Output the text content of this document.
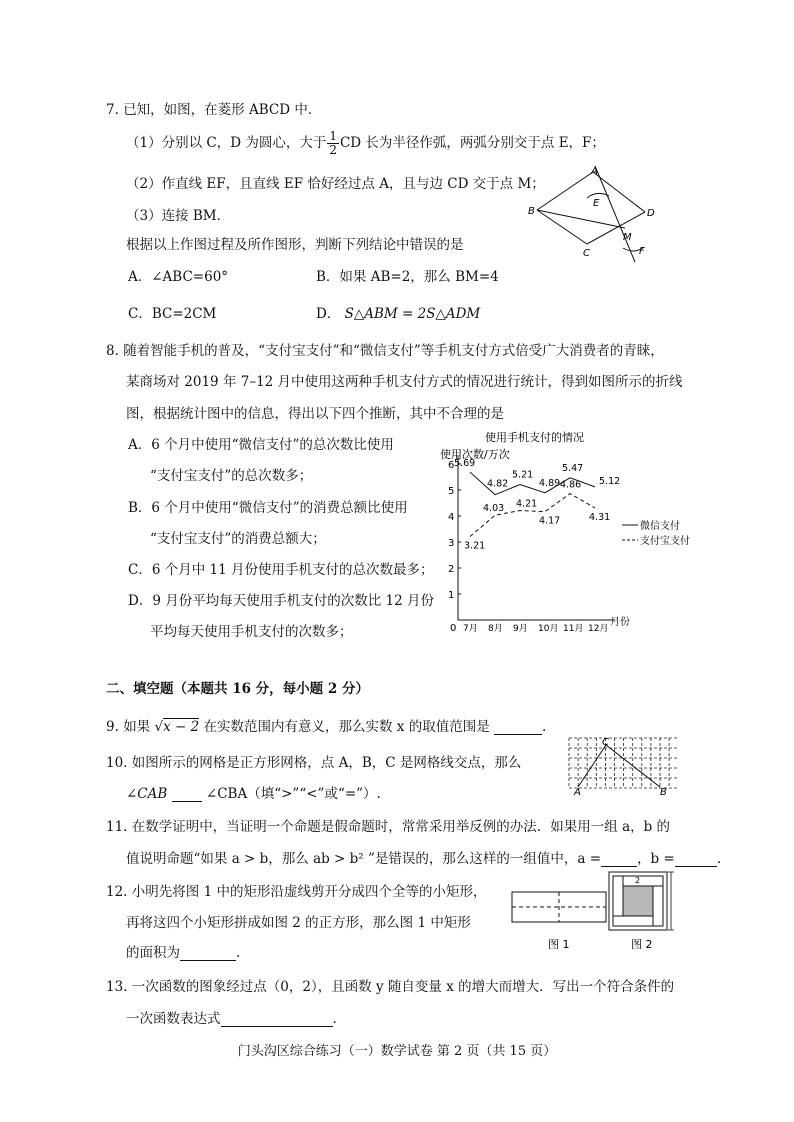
7. 已知，如图，在菱形 ABCD 中．
（1）分别以 C，D 为圆心，大于 $\frac{1}{2}$ CD 长为半径作弧，两弧分别交于点 E，F；
（2）作直线 EF，且直线 EF 恰好经过点 A，且与边 CD 交于点 M；
（3）连接 BM．
根据以上作图过程及所作图形，判断下列结论中错误的是
A．∠ABC=60°	B．如果 AB=2，那么 BM=4
C．BC=2CM	D． S△ABM = 2S△ADM
A
B
C
D
E
F
M
8. 随着智能手机的普及，“支付宝支付”和“微信支付”等手机支付方式倍受广大消费者的青睐，
某商场对 2019 年 7–12 月中使用这两种手机支付方式的情况进行统计，得到如图所示的折线
图，根据统计图中的信息，得出以下四个推断，其中不合理的是
A．6 个月中使用“微信支付”的总次数比使用
“支付宝支付”的总次数多；
B．6 个月中使用“微信支付”的消费总额比使用
“支付宝支付”的消费总额大；
C．6 个月中 11 月份使用手机支付的总次数最多；
D．9 月份平均每天使用手机支付的次数比 12 月份
平均每天使用手机支付的次数多；
使用手机支付的情况
使用次数/万次
月份
0
1
2
3
4
5
6
7月 8月 9月 10月 11月 12月
5.69
4.82
5.21
4.89
5.47
5.12
微信支付
3.21
4.03 4.21
4.17
4.86
4.31
支付宝支付
二、填空题（本题共 16 分，每小题 2 分）
9. 如果 √x − 2 在实数范围内有意义，那么实数 x 的取值范围是	.
10. 如图所示的网格是正方形网格，点 A，B，C 是网格线交点，那么
∠CAB	∠CBA（填“>”“<”或“=”）.	A	B
C
11. 在数学证明中，当证明一个命题是假命题时，常常采用举反例的办法．如果用一组 a，b 的
值说明命题“如果 a > b，那么 ab > b² ”是错误的，那么这样的一组值中，a =	，b =	.
12. 小明先将图 1 中的矩形沿虚线剪开分成四个全等的小矩形，
再将这四个小矩形拼成如图 2 的正方形，那么图 1 中矩形
的面积为	.
图 1
2
图 2
13. 一次函数的图象经过点（0，2），且函数 y 随自变量 x 的增大而增大．写出一个符合条件的
一次函数表达式	.
门头沟区综合练习（一）数学试卷 第 2 页（共 15 页）
